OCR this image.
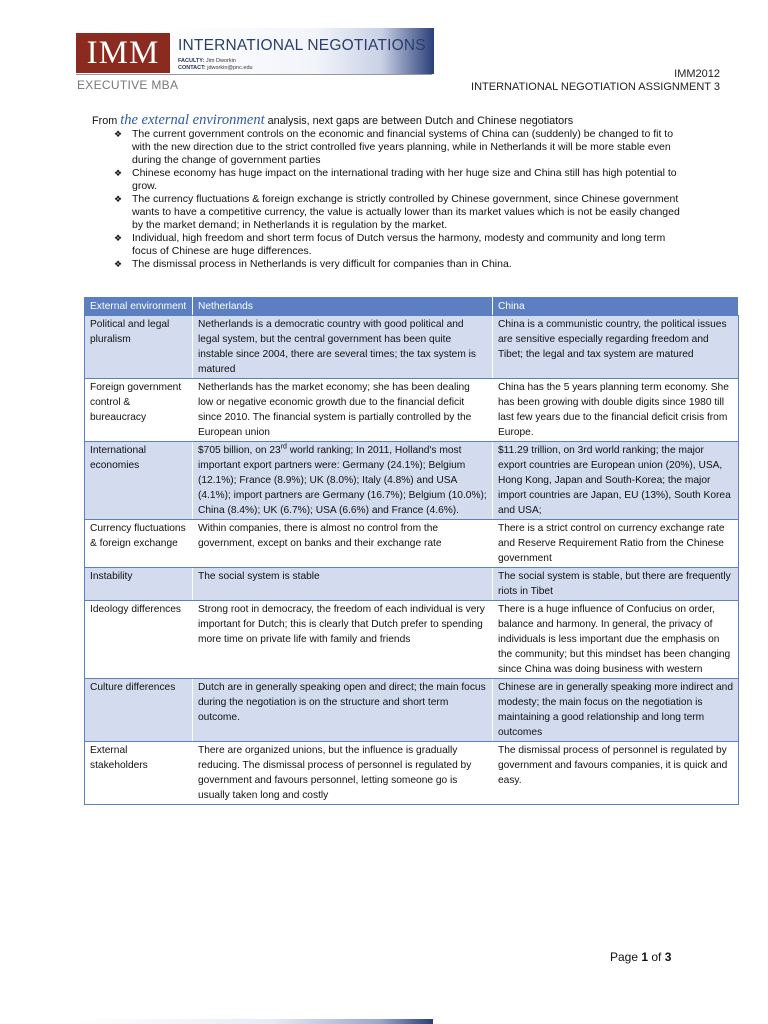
IMM
EXECUTIVE MBA
INTERNATIONAL NEGOTIATIONS
FACULTY: Jim Dworkin
CONTACT: jdworkin@pnc.edu	IMM2012
INTERNATIONAL NEGOTIATION ASSIGNMENT 3
From the external environment analysis, next gaps are between Dutch and Chinese negotiators
❖ The current government controls on the economic and financial systems of China can (suddenly) be changed to fit to with the new direction due to the strict controlled five years planning, while in Netherlands it will be more stable even during the change of government parties
❖ Chinese economy has huge impact on the international trading with her huge size and China still has high potential to grow.
❖ The currency fluctuations & foreign exchange is strictly controlled by Chinese government, since Chinese government wants to have a competitive currency, the value is actually lower than its market values which is not be easily changed by the market demand; in Netherlands it is regulation by the market.
❖ Individual, high freedom and short term focus of Dutch versus the harmony, modesty and community and long term focus of Chinese are huge differences.
❖ The dismissal process in Netherlands is very difficult for companies than in China.
External environment	Netherlands	China
Political and legal pluralism	Netherlands is a democratic country with good political and legal system, but the central government has been quite instable since 2004, there are several times; the tax system is matured	China is a communistic country, the political issues are sensitive especially regarding freedom and Tibet; the legal and tax system are matured
Foreign government control & bureaucracy	Netherlands has the market economy; she has been dealing low or negative economic growth due to the financial deficit since 2010. The financial system is partially controlled by the European union	China has the 5 years planning term economy. She has been growing with double digits since 1980 till last few years due to the financial deficit crisis from Europe.
International economies	$705 billion, on 23rd world ranking; In 2011, Holland's most important export partners were: Germany (24.1%); Belgium (12.1%); France (8.9%); UK (8.0%); Italy (4.8%) and USA (4.1%); import partners are Germany (16.7%); Belgium (10.0%); China (8.4%); UK (6.7%); USA (6.6%) and France (4.6%).	$11.29 trillion, on 3rd world ranking; the major export countries are European union (20%), USA, Hong Kong, Japan and South-Korea; the major import countries are Japan, EU (13%), South Korea and USA;
Currency fluctuations & foreign exchange	Within companies, there is almost no control from the government, except on banks and their exchange rate	There is a strict control on currency exchange rate and Reserve Requirement Ratio from the Chinese government
Instability	The social system is stable	The social system is stable, but there are frequently riots in Tibet
Ideology differences	Strong root in democracy, the freedom of each individual is very important for Dutch; this is clearly that Dutch prefer to spending more time on private life with family and friends	There is a huge influence of Confucius on order, balance and harmony. In general, the privacy of individuals is less important due the emphasis on the community; but this mindset has been changing since China was doing business with western
Culture differences	Dutch are in generally speaking open and direct; the main focus during the negotiation is on the structure and short term outcome.	Chinese are in generally speaking more indirect and modesty; the main focus on the negotiation is maintaining a good relationship and long term outcomes
External stakeholders	There are organized unions, but the influence is gradually reducing. The dismissal process of personnel is regulated by government and favours personnel, letting someone go is usually taken long and costly	The dismissal process of personnel is regulated by government and favours companies, it is quick and easy.
Page 1 of 3
